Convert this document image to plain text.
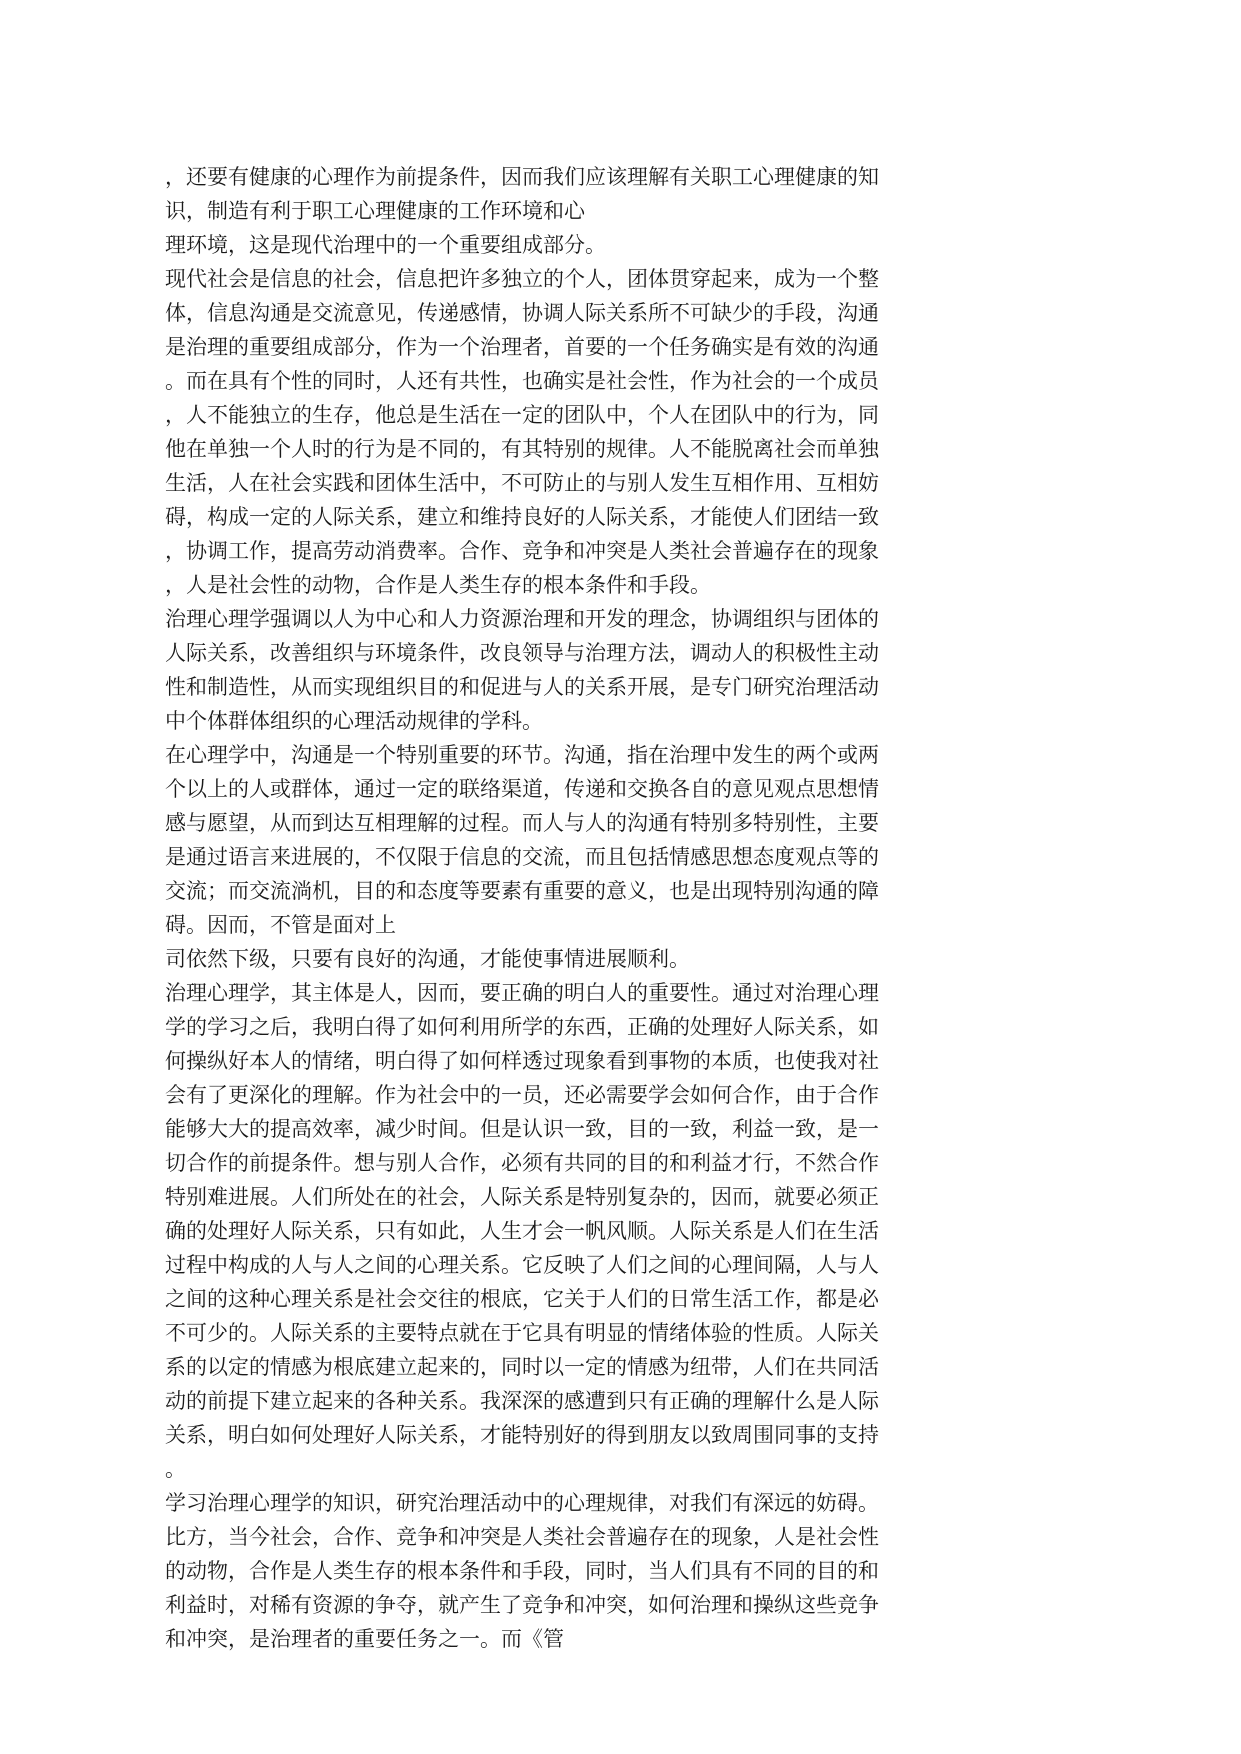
，还要有健康的心理作为前提条件，因而我们应该理解有关职工心理健康的知
识，制造有利于职工心理健康的工作环境和心
理环境，这是现代治理中的一个重要组成部分。
现代社会是信息的社会，信息把许多独立的个人，团体贯穿起来，成为一个整
体，信息沟通是交流意见，传递感情，协调人际关系所不可缺少的手段，沟通
是治理的重要组成部分，作为一个治理者，首要的一个任务确实是有效的沟通
。而在具有个性的同时，人还有共性，也确实是社会性，作为社会的一个成员
，人不能独立的生存，他总是生活在一定的团队中，个人在团队中的行为，同
他在单独一个人时的行为是不同的，有其特别的规律。人不能脱离社会而单独
生活，人在社会实践和团体生活中，不可防止的与别人发生互相作用、互相妨
碍，构成一定的人际关系，建立和维持良好的人际关系，才能使人们团结一致
，协调工作，提高劳动消费率。合作、竞争和冲突是人类社会普遍存在的现象
，人是社会性的动物，合作是人类生存的根本条件和手段。
治理心理学强调以人为中心和人力资源治理和开发的理念，协调组织与团体的
人际关系，改善组织与环境条件，改良领导与治理方法，调动人的积极性主动
性和制造性，从而实现组织目的和促进与人的关系开展，是专门研究治理活动
中个体群体组织的心理活动规律的学科。
在心理学中，沟通是一个特别重要的环节。沟通，指在治理中发生的两个或两
个以上的人或群体，通过一定的联络渠道，传递和交换各自的意见观点思想情
感与愿望，从而到达互相理解的过程。而人与人的沟通有特别多特别性，主要
是通过语言来进展的，不仅限于信息的交流，而且包括情感思想态度观点等的
交流；而交流淌机，目的和态度等要素有重要的意义，也是出现特别沟通的障
碍。因而，不管是面对上
司依然下级，只要有良好的沟通，才能使事情进展顺利。
治理心理学，其主体是人，因而，要正确的明白人的重要性。通过对治理心理
学的学习之后，我明白得了如何利用所学的东西，正确的处理好人际关系，如
何操纵好本人的情绪，明白得了如何样透过现象看到事物的本质，也使我对社
会有了更深化的理解。作为社会中的一员，还必需要学会如何合作，由于合作
能够大大的提高效率，减少时间。但是认识一致，目的一致，利益一致，是一
切合作的前提条件。想与别人合作，必须有共同的目的和利益才行，不然合作
特别难进展。人们所处在的社会，人际关系是特别复杂的，因而，就要必须正
确的处理好人际关系，只有如此，人生才会一帆风顺。人际关系是人们在生活
过程中构成的人与人之间的心理关系。它反映了人们之间的心理间隔，人与人
之间的这种心理关系是社会交往的根底，它关于人们的日常生活工作，都是必
不可少的。人际关系的主要特点就在于它具有明显的情绪体验的性质。人际关
系的以定的情感为根底建立起来的，同时以一定的情感为纽带，人们在共同活
动的前提下建立起来的各种关系。我深深的感遭到只有正确的理解什么是人际
关系，明白如何处理好人际关系，才能特别好的得到朋友以致周围同事的支持
。
学习治理心理学的知识，研究治理活动中的心理规律，对我们有深远的妨碍。
比方，当今社会，合作、竞争和冲突是人类社会普遍存在的现象，人是社会性
的动物，合作是人类生存的根本条件和手段，同时，当人们具有不同的目的和
利益时，对稀有资源的争夺，就产生了竞争和冲突，如何治理和操纵这些竞争
和冲突，是治理者的重要任务之一。而《管
